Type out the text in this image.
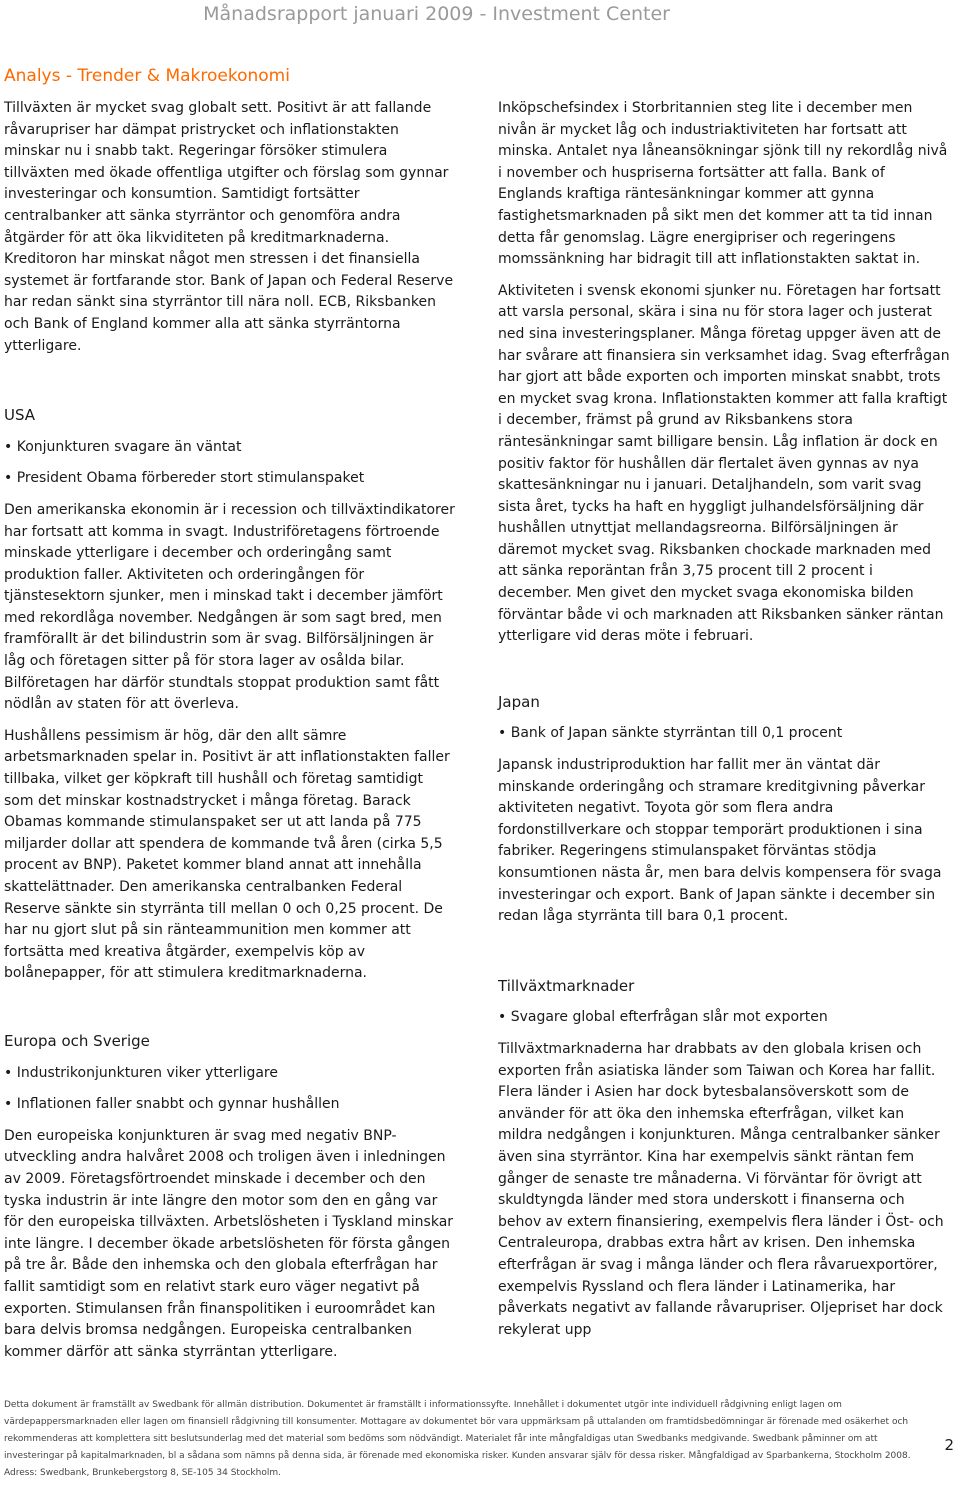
Månadsrapport januari 2009 - Investment Center
Analys - Trender & Makroekonomi

Tillväxten är mycket svag globalt sett. Positivt är att fallande råvarupriser har dämpat pristrycket och inflationstakten minskar nu i snabb takt. Regeringar försöker stimulera tillväxten med ökade offentliga utgifter och förslag som gynnar investeringar och konsumtion. Samtidigt fortsätter centralbanker att sänka styrräntor och genomföra andra åtgärder för att öka likviditeten på kreditmarknaderna. Kreditoron har minskat något men stressen i det finansiella systemet är fortfarande stor. Bank of Japan och Federal Reserve har redan sänkt sina styrräntor till nära noll. ECB, Riksbanken och Bank of England kommer alla att sänka styrräntorna ytterligare.

USA

• Konjunkturen svagare än väntat

• President Obama förbereder stort stimulanspaket

Den amerikanska ekonomin är i recession och tillväxtindikatorer har fortsatt att komma in svagt. Industriföretagens förtroende minskade ytterligare i december och orderingång samt produktion faller. Aktiviteten och orderingången för tjänstesektorn sjunker, men i minskad takt i december jämfört med rekordlåga november. Nedgången är som sagt bred, men framförallt är det bilindustrin som är svag. Bilförsäljningen är låg och företagen sitter på för stora lager av osålda bilar. Bilföretagen har därför stundtals stoppat produktion samt fått nödlån av staten för att överleva.

Hushållens pessimism är hög, där den allt sämre arbetsmarknaden spelar in. Positivt är att inflationstakten faller tillbaka, vilket ger köpkraft till hushåll och företag samtidigt som det minskar kostnadstrycket i många företag. Barack Obamas kommande stimulanspaket ser ut att landa på 775 miljarder dollar att spendera de kommande två åren (cirka 5,5 procent av BNP). Paketet kommer bland annat att innehålla skattelättnader. Den amerikanska centralbanken Federal Reserve sänkte sin styrränta till mellan 0 och 0,25 procent. De har nu gjort slut på sin ränteammunition men kommer att fortsätta med kreativa åtgärder, exempelvis köp av bolånepapper, för att stimulera kreditmarknaderna.

Europa och Sverige

• Industrikonjunkturen viker ytterligare

• Inflationen faller snabbt och gynnar hushållen

Den europeiska konjunkturen är svag med negativ BNP-utveckling andra halvåret 2008 och troligen även i inledningen av 2009. Företagsförtroendet minskade i december och den tyska industrin är inte längre den motor som den en gång var för den europeiska tillväxten. Arbetslösheten i Tyskland minskar inte längre. I december ökade arbetslösheten för första gången på tre år. Både den inhemska och den globala efterfrågan har fallit samtidigt som en relativt stark euro väger negativt på exporten. Stimulansen från finanspolitiken i euroområdet kan bara delvis bromsa nedgången. Europeiska centralbanken kommer därför att sänka styrräntan ytterligare.

Inköpschefsindex i Storbritannien steg lite i december men nivån är mycket låg och industriaktiviteten har fortsatt att minska. Antalet nya låneansökningar sjönk till ny rekordlåg nivå i november och huspriserna fortsätter att falla. Bank of Englands kraftiga räntesänkningar kommer att gynna fastighetsmarknaden på sikt men det kommer att ta tid innan detta får genomslag. Lägre energipriser och regeringens momssänkning har bidragit till att inflationstakten saktat in.

Aktiviteten i svensk ekonomi sjunker nu. Företagen har fortsatt att varsla personal, skära i sina nu för stora lager och justerat ned sina investeringsplaner. Många företag uppger även att de har svårare att finansiera sin verksamhet idag. Svag efterfrågan har gjort att både exporten och importen minskat snabbt, trots en mycket svag krona. Inflationstakten kommer att falla kraftigt i december, främst på grund av Riksbankens stora räntesänkningar samt billigare bensin. Låg inflation är dock en positiv faktor för hushållen där flertalet även gynnas av nya skattesänkningar nu i januari. Detaljhandeln, som varit svag sista året, tycks ha haft en hyggligt julhandelsförsäljning där hushållen utnyttjat mellandagsreorna. Bilförsäljningen är däremot mycket svag. Riksbanken chockade marknaden med att sänka reporäntan från 3,75 procent till 2 procent i december. Men givet den mycket svaga ekonomiska bilden förväntar både vi och marknaden att Riksbanken sänker räntan ytterligare vid deras möte i februari.

Japan

• Bank of Japan sänkte styrräntan till 0,1 procent

Japansk industriproduktion har fallit mer än väntat där minskande orderingång och stramare kreditgivning påverkar aktiviteten negativt. Toyota gör som flera andra fordonstillverkare och stoppar temporärt produktionen i sina fabriker. Regeringens stimulanspaket förväntas stödja konsumtionen nästa år, men bara delvis kompensera för svaga investeringar och export. Bank of Japan sänkte i december sin redan låga styrränta till bara 0,1 procent.

Tillväxtmarknader

• Svagare global efterfrågan slår mot exporten

Tillväxtmarknaderna har drabbats av den globala krisen och exporten från asiatiska länder som Taiwan och Korea har fallit. Flera länder i Asien har dock bytesbalansöverskott som de använder för att öka den inhemska efterfrågan, vilket kan mildra nedgången i konjunkturen. Många centralbanker sänker även sina styrräntor. Kina har exempelvis sänkt räntan fem gånger de senaste tre månaderna. Vi förväntar för övrigt att skuldtyngda länder med stora underskott i finanserna och behov av extern finansiering, exempelvis flera länder i Öst- och Centraleuropa, drabbas extra hårt av krisen. Den inhemska efterfrågan är svag i många länder och flera råvaruexportörer, exempelvis Ryssland och flera länder i Latinamerika, har påverkats negativt av fallande råvarupriser. Oljepriset har dock rekylerat upp

Detta dokument är framställt av Swedbank för allmän distribution. Dokumentet är framställt i informationssyfte. Innehållet i dokumentet utgör inte individuell rådgivning enligt lagen om värdepappersmarknaden eller lagen om finansiell rådgivning till konsumenter. Mottagare av dokumentet bör vara uppmärksam på uttalanden om framtidsbedömningar är förenade med osäkerhet och rekommenderas att komplettera sitt beslutsunderlag med det material som bedöms som nödvändigt. Materialet får inte mångfaldigas utan Swedbanks medgivande. Swedbank påminner om att investeringar på kapitalmarknaden, bl a sådana som nämns på denna sida, är förenade med ekonomiska risker. Kunden ansvarar själv för dessa risker. Mångfaldigad av Sparbankerna, Stockholm 2008. Adress: Swedbank, Brunkebergstorg 8, SE-105 34 Stockholm.
2
